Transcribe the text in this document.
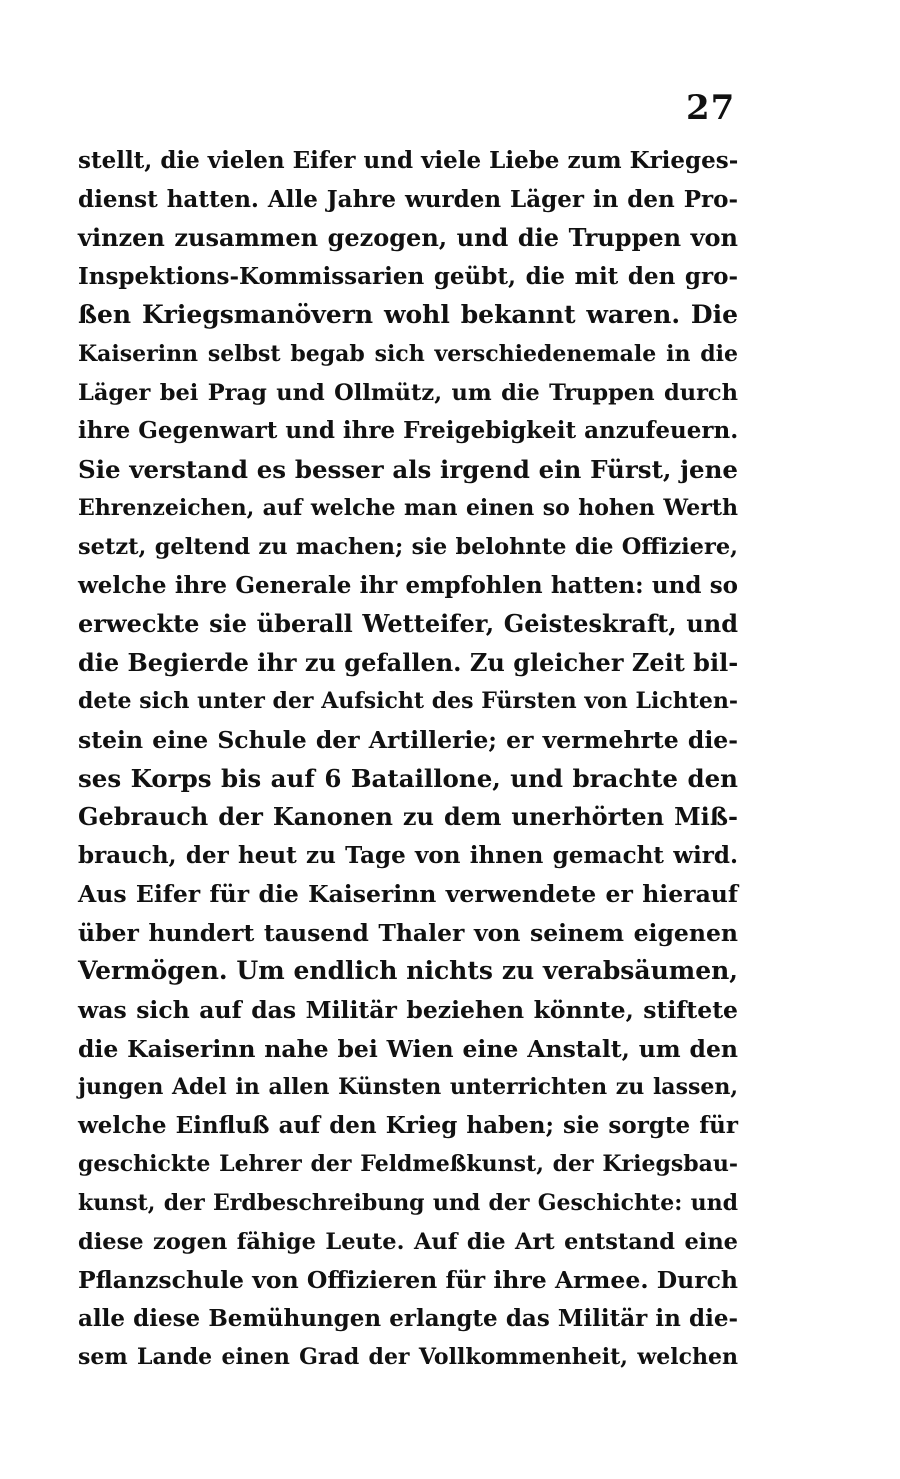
27
stellt, die vielen Eifer und viele Liebe zum Krieges-
dienst hatten. Alle Jahre wurden Läger in den Pro-
vinzen zusammen gezogen, und die Truppen von
Inspektions-Kommissarien geübt, die mit den gro-
ßen Kriegsmanövern wohl bekannt waren. Die
Kaiserinn selbst begab sich verschiedenemale in die
Läger bei Prag und Ollmütz, um die Truppen durch
ihre Gegenwart und ihre Freigebigkeit anzufeuern.
Sie verstand es besser als irgend ein Fürst, jene
Ehrenzeichen, auf welche man einen so hohen Werth
setzt, geltend zu machen; sie belohnte die Offiziere,
welche ihre Generale ihr empfohlen hatten: und so
erweckte sie überall Wetteifer, Geisteskraft, und
die Begierde ihr zu gefallen. Zu gleicher Zeit bil-
dete sich unter der Aufsicht des Fürsten von Lichten-
stein eine Schule der Artillerie; er vermehrte die-
ses Korps bis auf 6 Bataillone, und brachte den
Gebrauch der Kanonen zu dem unerhörten Miß-
brauch, der heut zu Tage von ihnen gemacht wird.
Aus Eifer für die Kaiserinn verwendete er hierauf
über hundert tausend Thaler von seinem eigenen
Vermögen. Um endlich nichts zu verabsäumen,
was sich auf das Militär beziehen könnte, stiftete
die Kaiserinn nahe bei Wien eine Anstalt, um den
jungen Adel in allen Künsten unterrichten zu lassen,
welche Einfluß auf den Krieg haben; sie sorgte für
geschickte Lehrer der Feldmeßkunst, der Kriegsbau-
kunst, der Erdbeschreibung und der Geschichte: und
diese zogen fähige Leute. Auf die Art entstand eine
Pflanzschule von Offizieren für ihre Armee. Durch
alle diese Bemühungen erlangte das Militär in die-
sem Lande einen Grad der Vollkommenheit, welchen
